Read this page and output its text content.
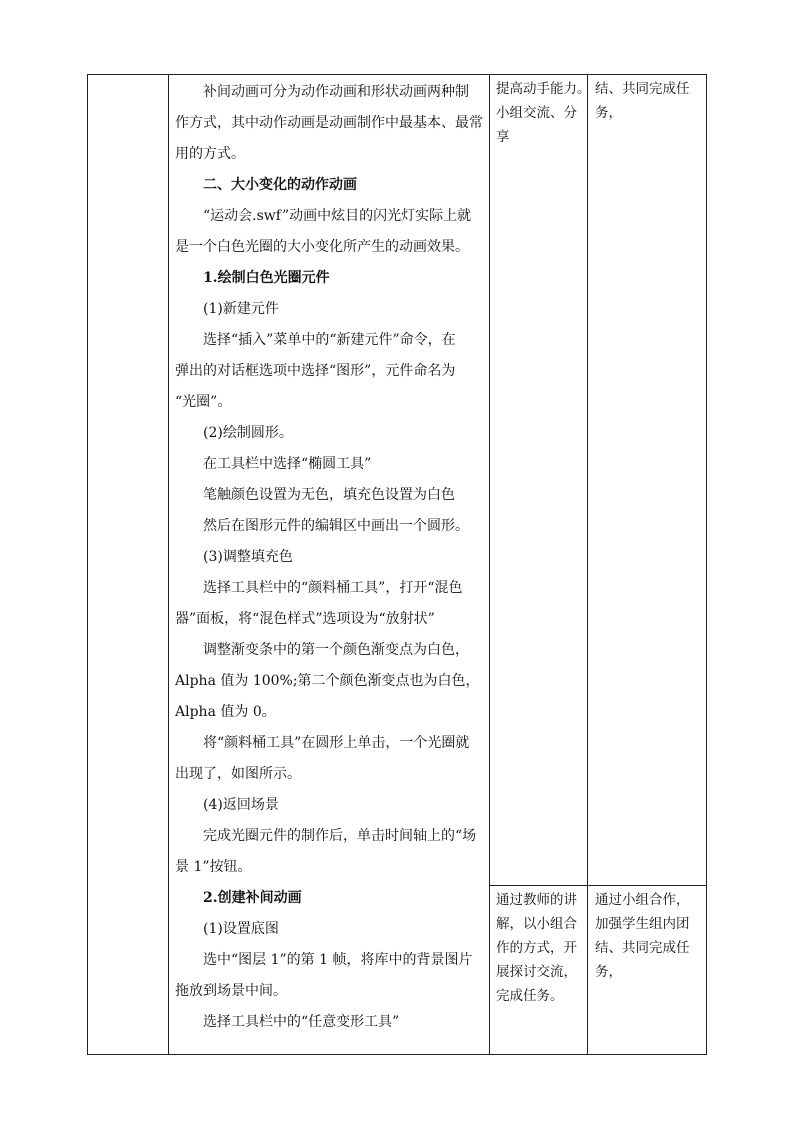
补间动画可分为动作动画和形状动画两种制

作方式，其中动作动画是动画制作中最基本、最常

用的方式。

二、大小变化的动作动画

“运动会.swf”动画中炫目的闪光灯实际上就

是一个白色光圈的大小变化所产生的动画效果。

1.绘制白色光圈元件

(1)新建元件

选择“插入”菜单中的“新建元件”命令，在

弹出的对话框选项中选择“图形”，元件命名为

“光圈”。

(2)绘制圆形。

在工具栏中选择“椭圆工具”

笔触颜色设置为无色，填充色设置为白色

然后在图形元件的编辑区中画出一个圆形。

(3)调整填充色

选择工具栏中的“颜料桶工具”，打开“混色

器”面板，将“混色样式”选项设为“放射状”

调整渐变条中的第一个颜色渐变点为白色，

Alpha 值为 100%;第二个颜色渐变点也为白色，

Alpha 值为 0。

将“颜料桶工具”在圆形上单击，一个光圈就

出现了，如图所示。

(4)返回场景

完成光圈元件的制作后，单击时间轴上的“场

景 1”按钮。

2.创建补间动画

(1)设置底图

选中“图层 1”的第 1 帧，将库中的背景图片

拖放到场景中间。

选择工具栏中的“任意变形工具”

提高动手能力。
小组交流、分
享
通过教师的讲
解，以小组合
作的方式，开
展探讨交流，
完成任务。
结、共同完成任
务，
通过小组合作，
加强学生组内团
结、共同完成任
务，
